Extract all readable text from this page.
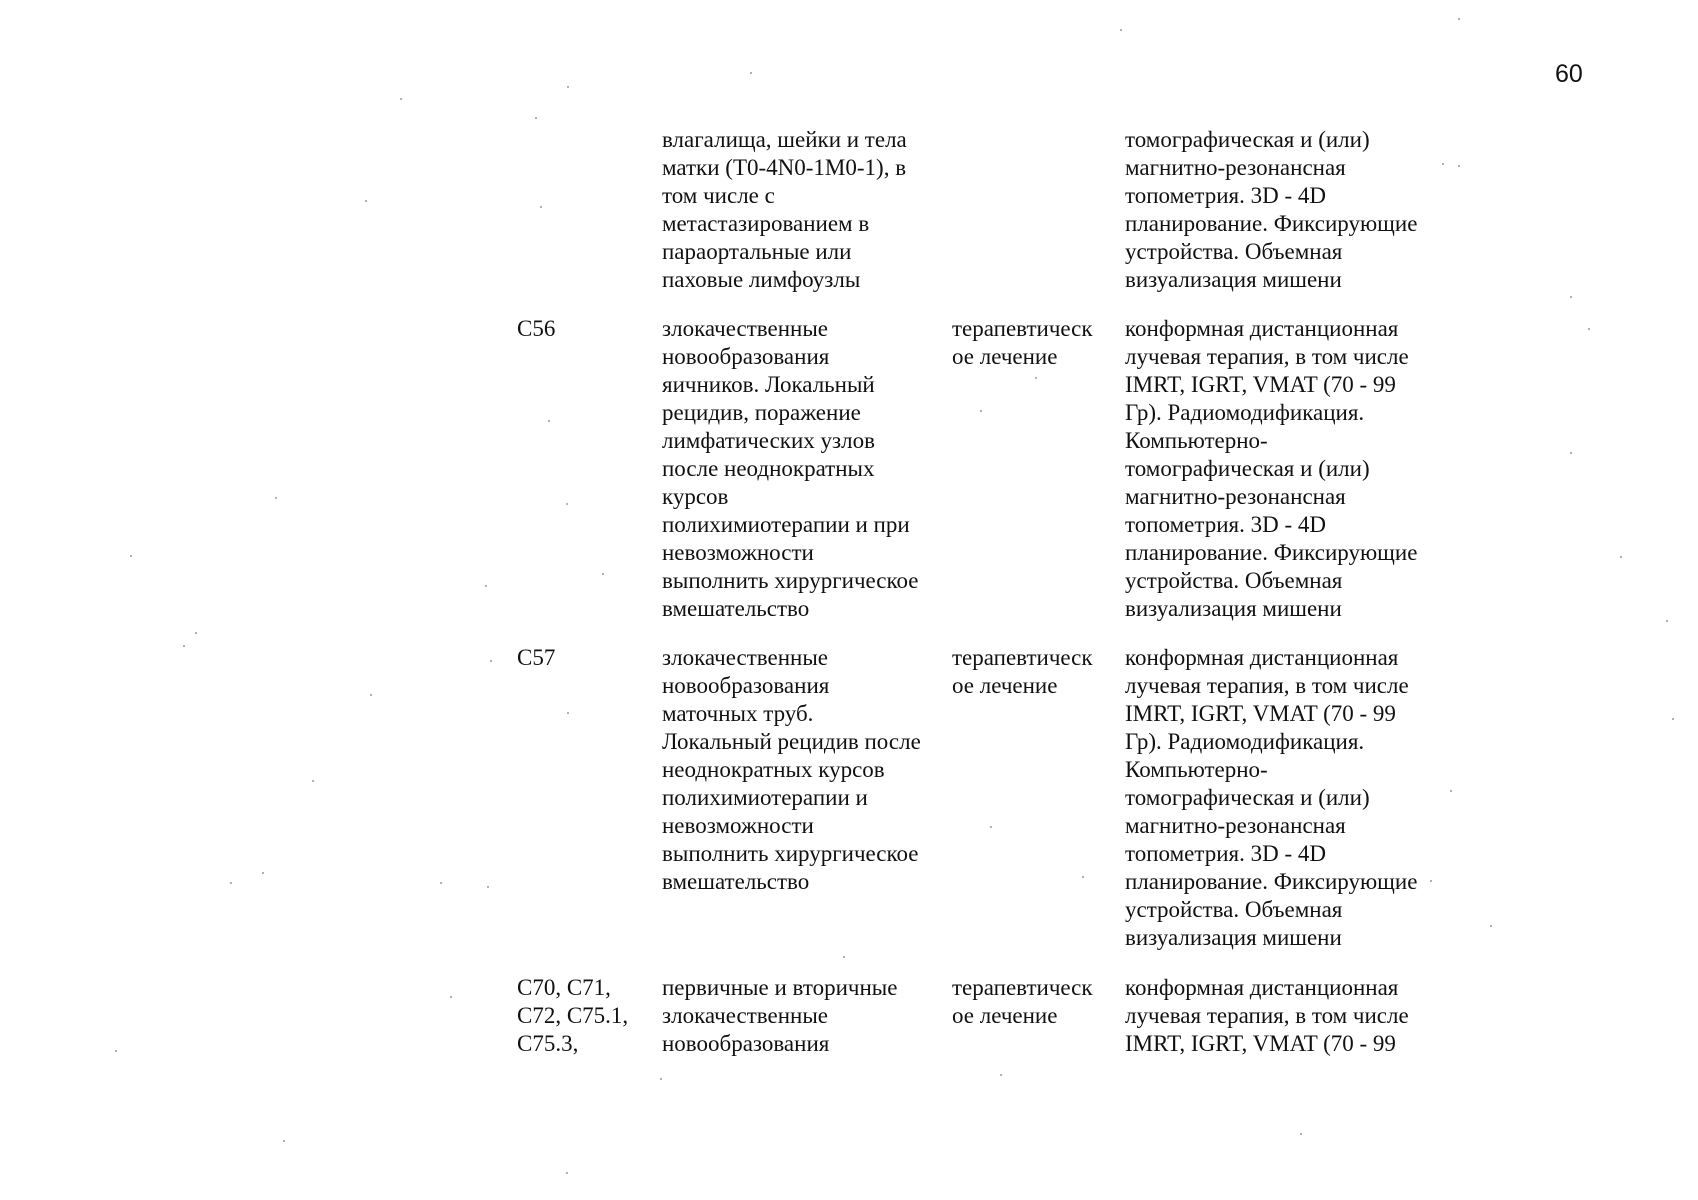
60
влагалища, шейки и тела
матки (T0-4N0-1M0-1), в
том числе с
метастазированием в
параортальные или
паховые лимфоузлы
томографическая и (или)
магнитно-резонансная
топометрия. 3D - 4D
планирование. Фиксирующие
устройства. Объемная
визуализация мишени
C56	злокачественные
новообразования
яичников. Локальный
рецидив, поражение
лимфатических узлов
после неоднократных
курсов
полихимиотерапии и при
невозможности
выполнить хирургическое
вмешательство
терапевтическ
ое лечение
конформная дистанционная
лучевая терапия, в том числе
IMRT, IGRT, VMAT (70 - 99
Гр). Радиомодификация.
Компьютерно-
томографическая и (или)
магнитно-резонансная
топометрия. 3D - 4D
планирование. Фиксирующие
устройства. Объемная
визуализация мишени
C57	злокачественные
новообразования
маточных труб.
Локальный рецидив после
неоднократных курсов
полихимиотерапии и
невозможности
выполнить хирургическое
вмешательство
терапевтическ
ое лечение
конформная дистанционная
лучевая терапия, в том числе
IMRT, IGRT, VMAT (70 - 99
Гр). Радиомодификация.
Компьютерно-
томографическая и (или)
магнитно-резонансная
топометрия. 3D - 4D
планирование. Фиксирующие
устройства. Объемная
визуализация мишени
C70, C71,
C72, C75.1,
C75.3,
первичные и вторичные
злокачественные
новообразования
терапевтическ
ое лечение
конформная дистанционная
лучевая терапия, в том числе
IMRT, IGRT, VMAT (70 - 99
